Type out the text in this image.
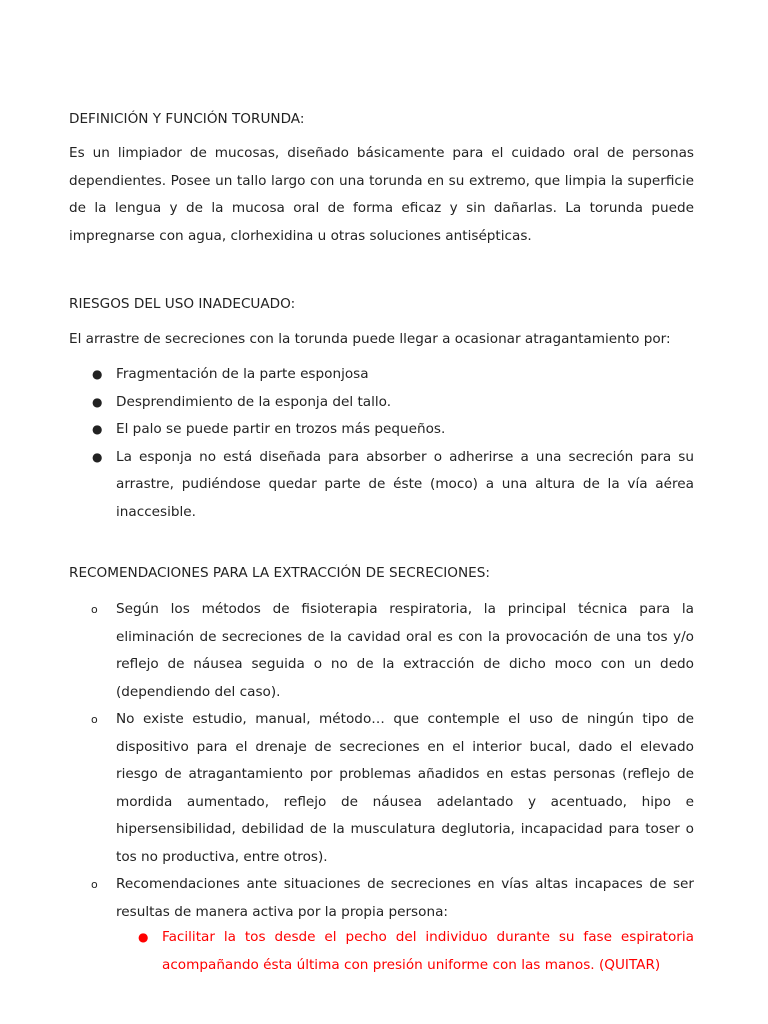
DEFINICIÓN Y FUNCIÓN TORUNDA:
Es un limpiador de mucosas, diseñado básicamente para el cuidado oral de personas dependientes. Posee un tallo largo con una torunda en su extremo, que limpia la superficie de la lengua y de la mucosa oral de forma eficaz y sin dañarlas. La torunda puede impregnarse con agua, clorhexidina u otras soluciones antisépticas.
RIESGOS DEL USO INADECUADO:
El arrastre de secreciones con la torunda puede llegar a ocasionar atragantamiento por:
● Fragmentación de la parte esponjosa
● Desprendimiento de la esponja del tallo.
● El palo se puede partir en trozos más pequeños.
● La esponja no está diseñada para absorber o adherirse a una secreción para su arrastre, pudiéndose quedar parte de éste (moco) a una altura de la vía aérea inaccesible.
RECOMENDACIONES PARA LA EXTRACCIÓN DE SECRECIONES:
o	Según los métodos de fisioterapia respiratoria, la principal técnica para la eliminación de secreciones de la cavidad oral es con la provocación de una tos y/o reflejo de náusea seguida o no de la extracción de dicho moco con un dedo (dependiendo del caso).
o	No existe estudio, manual, método… que contemple el uso de ningún tipo de dispositivo para el drenaje de secreciones en el interior bucal, dado el elevado riesgo de atragantamiento por problemas añadidos en estas personas (reflejo de mordida aumentado, reflejo de náusea adelantado y acentuado, hipo e hipersensibilidad, debilidad de la musculatura deglutoria, incapacidad para toser o tos no productiva, entre otros).
o	Recomendaciones ante situaciones de secreciones en vías altas incapaces de ser resultas de manera activa por la propia persona:
● Facilitar la tos desde el pecho del individuo durante su fase espiratoria acompañando ésta última con presión uniforme con las manos. (QUITAR)
